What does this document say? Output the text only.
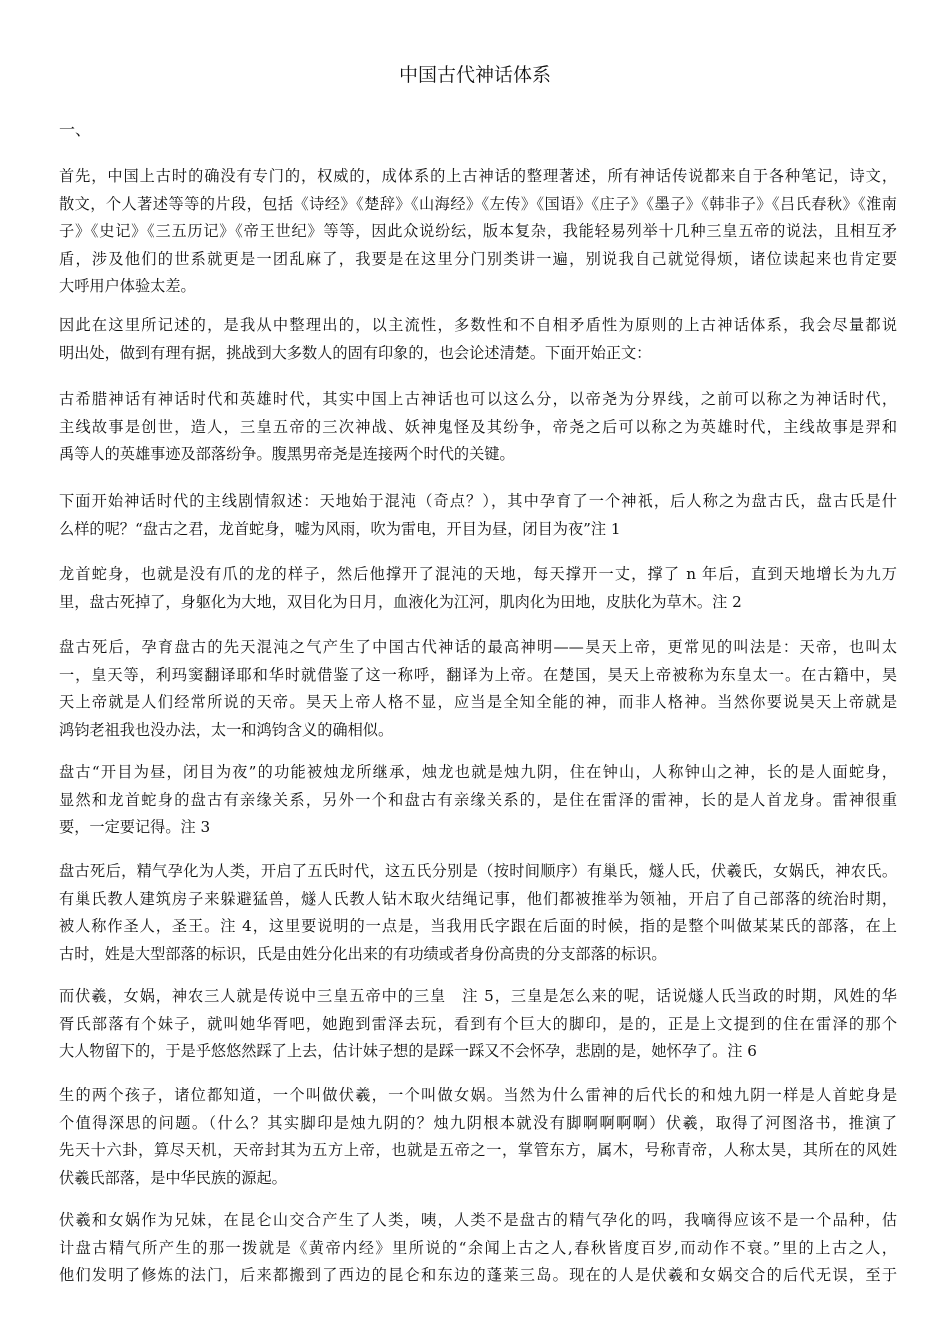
中国古代神话体系
一、
首先，中国上古时的确没有专门的，权威的，成体系的上古神话的整理著述，所有神话传说都来自于各种笔记，诗文，
散文，个人著述等等的片段，包括《诗经》《楚辞》《山海经》《左传》《国语》《庄子》《墨子》《韩非子》《吕氏春秋》《淮南
子》《史记》《三五历记》《帝王世纪》等等，因此众说纷纭，版本复杂，我能轻易列举十几种三皇五帝的说法，且相互矛
盾，涉及他们的世系就更是一团乱麻了，我要是在这里分门别类讲一遍，别说我自己就觉得烦，诸位读起来也肯定要
大呼用户体验太差。
因此在这里所记述的，是我从中整理出的，以主流性，多数性和不自相矛盾性为原则的上古神话体系，我会尽量都说
明出处，做到有理有据，挑战到大多数人的固有印象的，也会论述清楚。下面开始正文：
古希腊神话有神话时代和英雄时代，其实中国上古神话也可以这么分，以帝尧为分界线，之前可以称之为神话时代，
主线故事是创世，造人，三皇五帝的三次神战、妖神鬼怪及其纷争，帝尧之后可以称之为英雄时代，主线故事是羿和
禹等人的英雄事迹及部落纷争。腹黑男帝尧是连接两个时代的关键。
下面开始神话时代的主线剧情叙述：天地始于混沌（奇点？），其中孕育了一个神祇，后人称之为盘古氏，盘古氏是什
么样的呢？“盘古之君，龙首蛇身，嘘为风雨，吹为雷电，开目为昼，闭目为夜”注 1
龙首蛇身，也就是没有爪的龙的样子，然后他撑开了混沌的天地，每天撑开一丈，撑了 n 年后，直到天地增长为九万
里，盘古死掉了，身躯化为大地，双目化为日月，血液化为江河，肌肉化为田地，皮肤化为草木。注 2
盘古死后，孕育盘古的先天混沌之气产生了中国古代神话的最高神明——昊天上帝，更常见的叫法是：天帝，也叫太
一，皇天等，利玛窦翻译耶和华时就借鉴了这一称呼，翻译为上帝。在楚国，昊天上帝被称为东皇太一。在古籍中，昊
天上帝就是人们经常所说的天帝。昊天上帝人格不显，应当是全知全能的神，而非人格神。当然你要说昊天上帝就是
鸿钧老祖我也没办法，太一和鸿钧含义的确相似。
盘古“开目为昼，闭目为夜”的功能被烛龙所继承，烛龙也就是烛九阴，住在钟山，人称钟山之神，长的是人面蛇身，
显然和龙首蛇身的盘古有亲缘关系，另外一个和盘古有亲缘关系的，是住在雷泽的雷神，长的是人首龙身。雷神很重
要，一定要记得。注 3
盘古死后，精气孕化为人类，开启了五氏时代，这五氏分别是（按时间顺序）有巢氏，燧人氏，伏羲氏，女娲氏，神农氏。
有巢氏教人建筑房子来躲避猛兽，燧人氏教人钻木取火结绳记事，他们都被推举为领袖，开启了自己部落的统治时期，
被人称作圣人，圣王。注 4，这里要说明的一点是，当我用氏字跟在后面的时候，指的是整个叫做某某氏的部落，在上
古时，姓是大型部落的标识，氏是由姓分化出来的有功绩或者身份高贵的分支部落的标识。
而伏羲，女娲，神农三人就是传说中三皇五帝中的三皇　注 5，三皇是怎么来的呢，话说燧人氏当政的时期，风姓的华
胥氏部落有个妹子，就叫她华胥吧，她跑到雷泽去玩，看到有个巨大的脚印，是的，正是上文提到的住在雷泽的那个
大人物留下的，于是乎悠悠然踩了上去，估计妹子想的是踩一踩又不会怀孕，悲剧的是，她怀孕了。注 6
生的两个孩子，诸位都知道，一个叫做伏羲，一个叫做女娲。当然为什么雷神的后代长的和烛九阴一样是人首蛇身是
个值得深思的问题。（什么？其实脚印是烛九阴的？烛九阴根本就没有脚啊啊啊啊）伏羲，取得了河图洛书，推演了
先天十六卦，算尽天机，天帝封其为五方上帝，也就是五帝之一，掌管东方，属木，号称青帝，人称太昊，其所在的风姓
伏羲氏部落，是中华民族的源起。
伏羲和女娲作为兄妹，在昆仑山交合产生了人类，咦，人类不是盘古的精气孕化的吗，我嘀得应该不是一个品种，估
计盘古精气所产生的那一拨就是《黄帝内经》里所说的“余闻上古之人,春秋皆度百岁,而动作不衰。”里的上古之人，
他们发明了修炼的法门，后来都搬到了西边的昆仑和东边的蓬莱三岛。现在的人是伏羲和女娲交合的后代无误，至于
